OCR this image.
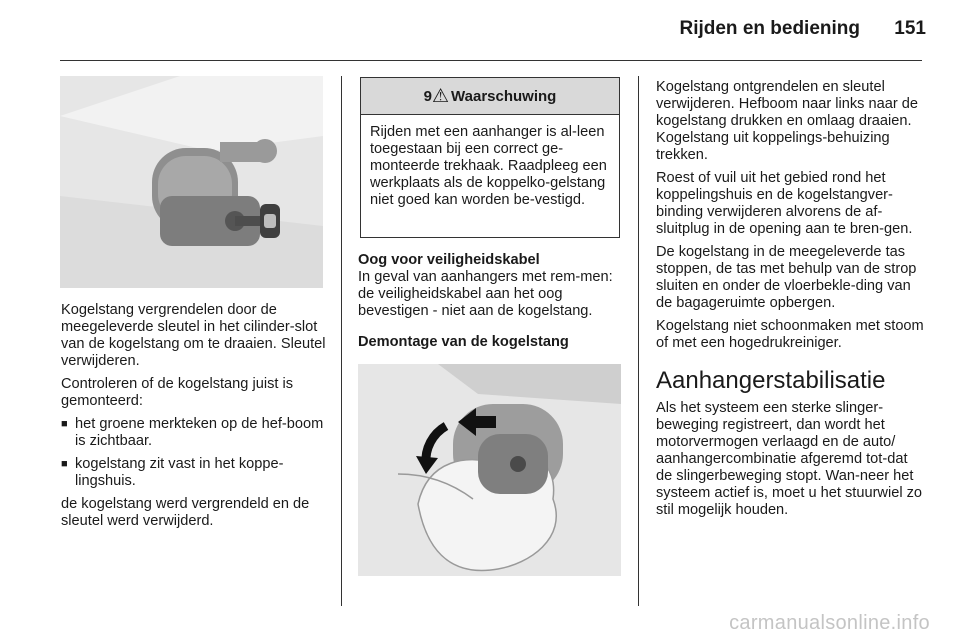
Rijden en bediening	151

Kogelstang vergrendelen door de meegeleverde sleutel in het cilinder-slot van de kogelstang om te draaien. Sleutel verwijderen.

Controleren of de kogelstang juist is gemonteerd:

■ het groene merkteken op de hef-boom is zichtbaar.
■ kogelstang zit vast in het koppe-lingshuis.

de kogelstang werd vergrendeld en de sleutel werd verwijderd.

9 ⚠ Waarschuwing
Rijden met een aanhanger is al-leen toegestaan bij een correct ge-monteerde trekhaak. Raadpleeg een werkplaats als de koppelko-gelstang niet goed kan worden be-vestigd.
Oog voor veiligheidskabel

In geval van aanhangers met rem-men: de veiligheidskabel aan het oog bevestigen - niet aan de kogelstang.

Demontage van de kogelstang

Kogelstang ontgrendelen en sleutel verwijderen. Hefboom naar links naar de kogelstang drukken en omlaag draaien. Kogelstang uit koppelings-behuizing trekken.

Roest of vuil uit het gebied rond het koppelingshuis en de kogelstangver-binding verwijderen alvorens de af-sluitplug in de opening aan te bren-gen.

De kogelstang in de meegeleverde tas stoppen, de tas met behulp van de strop sluiten en onder de vloerbekle-ding van de bagageruimte opbergen.

Kogelstang niet schoonmaken met stoom of met een hogedrukreiniger.

Aanhangerstabilisatie

Als het systeem een sterke slinger-beweging registreert, dan wordt het motorvermogen verlaagd en de auto/ aanhangercombinatie afgeremd tot-dat de slingerbeweging stopt. Wan-neer het systeem actief is, moet u het stuurwiel zo stil mogelijk houden.

carmanualsonline.info
